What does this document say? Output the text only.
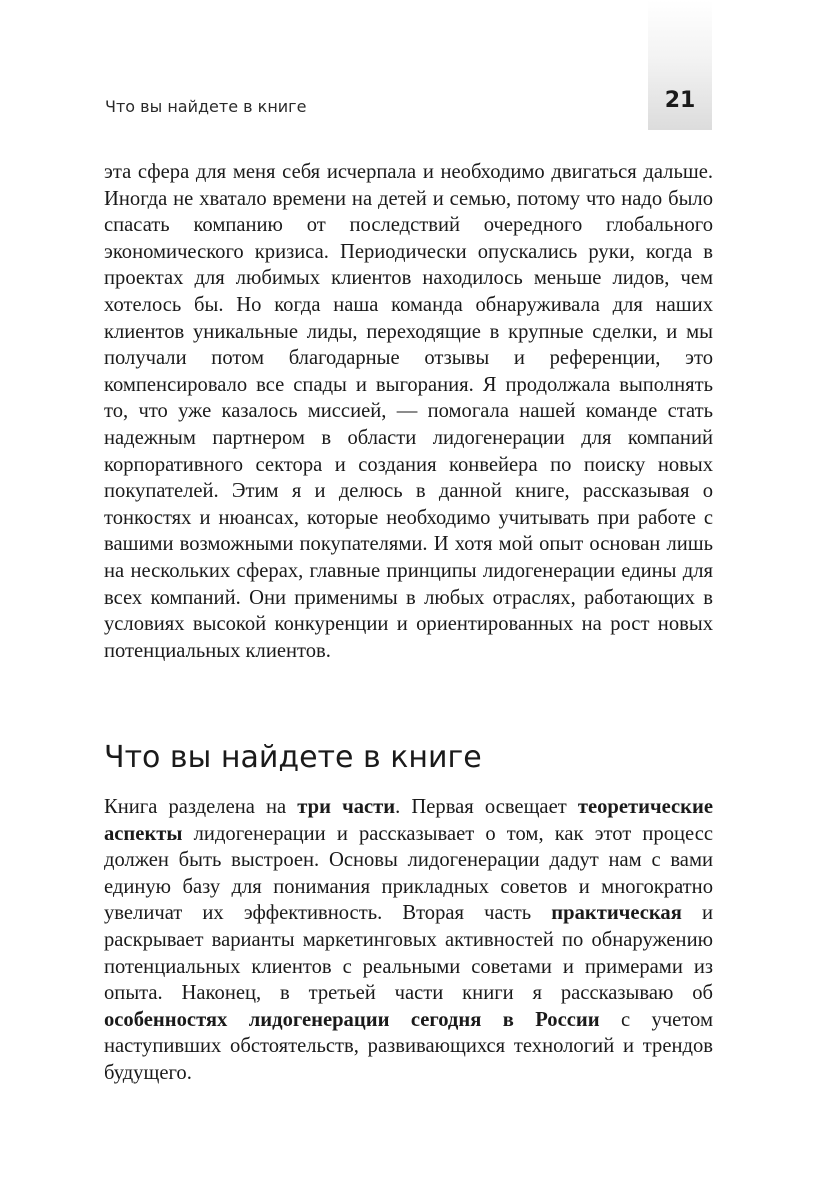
21
Что вы найдете в книге

эта сфера для меня себя исчерпала и необходимо двигаться дальше. Иногда не хватало времени на детей и семью, потому что надо было спасать компанию от последствий очередного глобального экономического кризиса. Периодически опускались руки, когда в проектах для любимых клиентов находилось меньше лидов, чем хотелось бы. Но когда наша команда обнаруживала для наших клиентов уникальные лиды, переходящие в крупные сделки, и мы получали потом благодарные отзывы и референции, это компенсировало все спады и выгорания. Я продолжала выполнять то, что уже казалось миссией, — помогала нашей команде стать надежным партнером в области лидогенерации для компаний корпоративного сектора и создания конвейера по поиску новых покупателей. Этим я и делюсь в данной книге, рассказывая о тонкостях и нюансах, которые необходимо учитывать при работе с вашими возможными покупателями. И хотя мой опыт основан лишь на нескольких сферах, главные принципы лидогенерации едины для всех компаний. Они применимы в любых отраслях, работающих в условиях высокой конкуренции и ориентированных на рост новых потенциальных клиентов.

Что вы найдете в книге

Книга разделена на три части. Первая освещает теоретические аспекты лидогенерации и рассказывает о том, как этот процесс должен быть выстроен. Основы лидогенерации дадут нам с вами единую базу для понимания прикладных советов и многократно увеличат их эффективность. Вторая часть практическая и раскрывает варианты маркетинговых активностей по обнаружению потенциальных клиентов с реальными советами и примерами из опыта. Наконец, в третьей части книги я рассказываю об особенностях лидогенерации сегодня в России с учетом наступивших обстоятельств, развивающихся технологий и трендов будущего.
